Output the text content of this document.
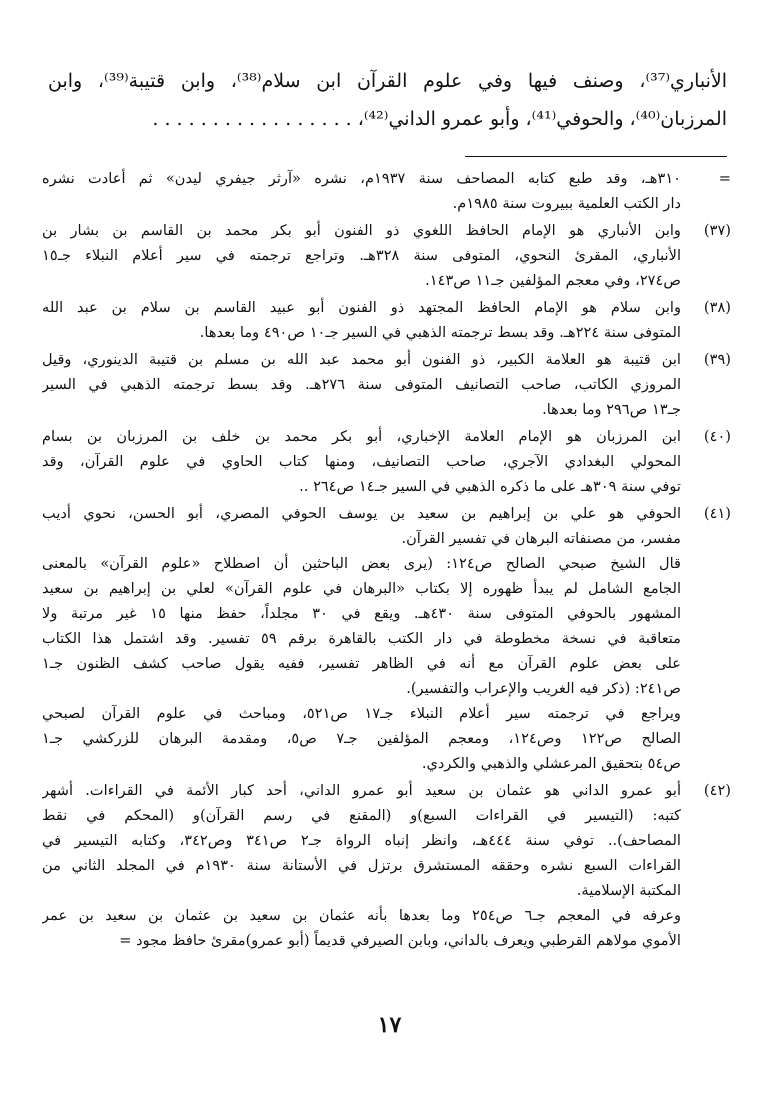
الأنباري⁽³⁷⁾، وصنف فيها وفي علوم القرآن ابن سلام⁽³⁸⁾، وابن قتيبة⁽³⁹⁾، وابن
المرزبان⁽⁴⁰⁾، والحوفي⁽⁴¹⁾، وأبو عمرو الداني⁽⁴²⁾، . . . . . . . . . . . . . . . . .
=

٣١٠هـ، وقد طبع كتابه المصاحف سنة ١٩٣٧م، نشره «آرثر جيفري ليدن» ثم أعادت نشره
دار الكتب العلمية ببيروت سنة ١٩٨٥م.

(٣٧)

وابن الأنباري هو الإمام الحافظ اللغوي ذو الفنون أبو بكر محمد بن القاسم بن بشار بن
الأنباري، المقرئ النحوي، المتوفى سنة ٣٢٨هـ. وتراجع ترجمته في سير أعلام النبلاء جـ١٥
ص٢٧٤، وفي معجم المؤلفين جـ١١ ص١٤٣.

(٣٨)

وابن سلام هو الإمام الحافظ المجتهد ذو الفنون أبو عبيد القاسم بن سلام بن عبد الله
المتوفى سنة ٢٢٤هـ. وقد بسط ترجمته الذهبي في السير جـ١٠ ص٤٩٠ وما بعدها.

(٣٩)

ابن قتيبة هو العلامة الكبير، ذو الفنون أبو محمد عبد الله بن مسلم بن قتيبة الدينوري، وقيل
المروزي الكاتب، صاحب التصانيف المتوفى سنة ٢٧٦هـ. وقد بسط ترجمته الذهبي في السير
جـ١٣ ص٢٩٦ وما بعدها.

(٤٠)

ابن المرزبان هو الإمام العلامة الإخباري، أبو بكر محمد بن خلف بن المرزبان بن بسام
المحولي البغدادي الآجري، صاحب التصانيف، ومنها كتاب الحاوي في علوم القرآن، وقد
توفي سنة ٣٠٩هـ على ما ذكره الذهبي في السير جـ١٤ ص٢٦٤ ..

(٤١)

الحوفي هو علي بن إبراهيم بن سعيد بن يوسف الحوفي المصري، أبو الحسن، نحوي أديب
مفسر، من مصنفاته البرهان في تفسير القرآن.

قال الشيخ صبحي الصالح ص١٢٤: (يرى بعض الباحثين أن اصطلاح «علوم القرآن» بالمعنى
الجامع الشامل لم يبدأ ظهوره إلا بكتاب «البرهان في علوم القرآن» لعلي بن إبراهيم بن سعيد
المشهور بالحوفي المتوفى سنة ٤٣٠هـ. ويقع في ٣٠ مجلداً، حفظ منها ١٥ غير مرتبة ولا
متعاقبة في نسخة مخطوطة في دار الكتب بالقاهرة برقم ٥٩ تفسير. وقد اشتمل هذا الكتاب
على بعض علوم القرآن مع أنه في الظاهر تفسير، ففيه يقول صاحب كشف الظنون جـ١
ص٢٤١: (ذكر فيه الغريب والإعراب والتفسير).

ويراجع في ترجمته سير أعلام النبلاء جـ١٧ ص٥٢١، ومباحث في علوم القرآن لصبحي
الصالح ص١٢٢ وص١٢٤، ومعجم المؤلفين جـ٧ ص٥، ومقدمة البرهان للزركشي جـ١
ص٥٤ بتحقيق المرعشلي والذهبي والكردي.

(٤٢)

أبو عمرو الداني هو عثمان بن سعيد أبو عمرو الداني، أحد كبار الأئمة في القراءات. أشهر
كتبه: (التيسير في القراءات السبع)و (المقنع في رسم القرآن)و (المحكم في نقط
المصاحف).. توفي سنة ٤٤٤هـ، وانظر إنباه الرواة جـ٢ ص٣٤١ وص٣٤٢، وكتابه التيسير في
القراءات السبع نشره وحققه المستشرق برتزل في الأستانة سنة ١٩٣٠م في المجلد الثاني من
المكتبة الإسلامية.

وعرفه في المعجم جـ٦ ص٢٥٤ وما بعدها بأنه عثمان بن سعيد بن عثمان بن سعيد بن عمر
الأموي مولاهم القرطبي ويعرف بالداني، وبابن الصيرفي قديماً (أبو عمرو)مقرئ حافظ مجود =

١٧
